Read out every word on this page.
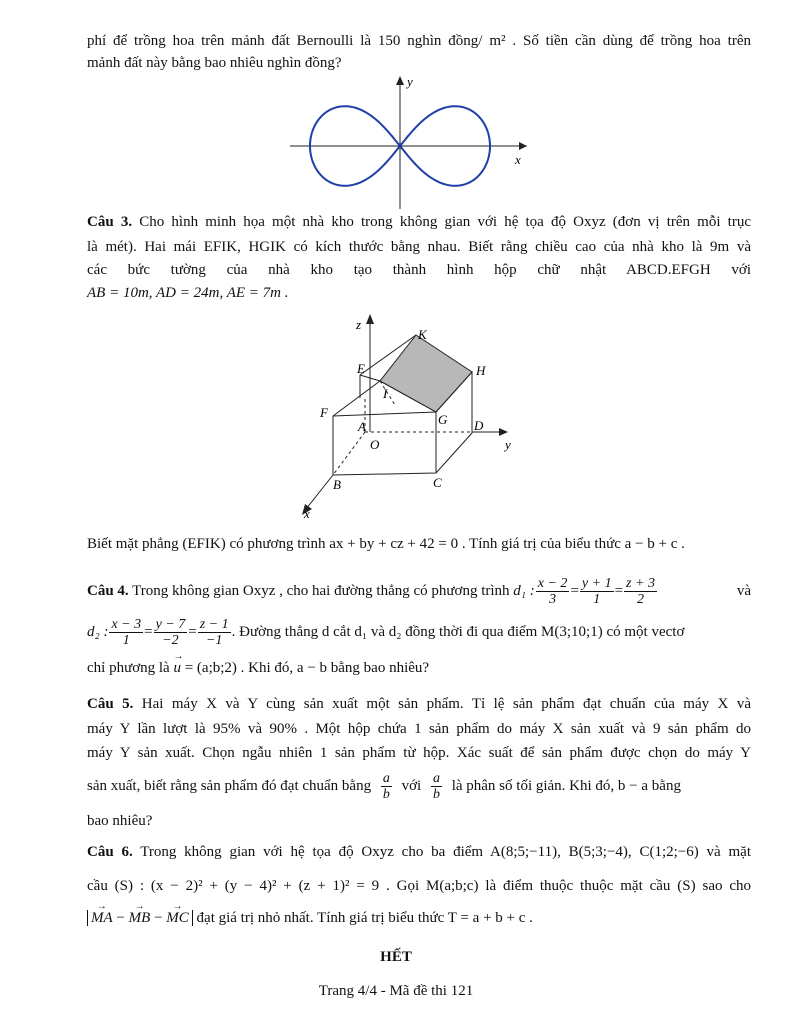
phí để trồng hoa trên mảnh đất Bernoulli là 150 nghìn đồng/ m² . Số tiền cần dùng để trồng hoa trên
mảnh đất này bằng bao nhiêu nghìn đồng?
y
x
Câu 3. Cho hình minh họa một nhà kho trong không gian với hệ tọa độ Oxyz (đơn vị trên mỗi trục
là mét). Hai mái EFIK, HGIK có kích thước bằng nhau. Biết rằng chiều cao của nhà kho là 9m và
các bức tường của nhà kho tạo thành hình hộp chữ nhật ABCD.EFGH với
AB = 10m, AD = 24m, AE = 7m .
z
y
x
K
E	H
I
F	G
A
O
D
B	C
Biết mặt phẳng (EFIK) có phương trình ax + by + cz + 42 = 0 . Tính giá trị của biểu thức a − b + c .
Câu 4. Trong không gian Oxyz , cho hai đường thẳng có phương trình d₁ : $\frac{x - 2}{3} = \frac{y + 1}{1} = \frac{z + 3}{2}$	và
d₂ : $\frac{x - 3}{1} = \frac{y - 7}{-2} = \frac{z - 1}{-1}$ . Đường thẳng d cắt d₁ và d₂ đồng thời đi qua điểm M(3;10;1) có một vectơ
chỉ phương là → u = (a;b;2) . Khi đó, a − b bằng bao nhiêu?
Câu 5. Hai máy X và Y cùng sản xuất một sản phẩm. Tỉ lệ sản phẩm đạt chuẩn của máy X và
máy Y lần lượt là 95% và 90% . Một hộp chứa 1 sản phẩm do máy X sản xuất và 9 sản phẩm do
máy Y sản xuất. Chọn ngẫu nhiên 1 sản phẩm từ hộp. Xác suất để sản phẩm được chọn do máy Y
sản xuất, biết rằng sản phẩm đó đạt chuẩn bằng $\frac{a}{b}$ với $\frac{a}{b}$ là phân số tối giản. Khi đó, b − a bằng
bao nhiêu?
Câu 6. Trong không gian với hệ tọa độ Oxyz cho ba điểm A(8;5;−11), B(5;3;−4), C(1;2;−6) và mặt
cầu (S) : (x − 2)² + (y − 4)² + (z + 1)² = 9 . Gọi M(a;b;c) là điểm thuộc thuộc mặt cầu (S) sao cho
→ MA − → MB − → MC đạt giá trị nhỏ nhất. Tính giá trị biểu thức T = a + b + c .
HẾT
Trang 4/4 - Mã đề thi 121
